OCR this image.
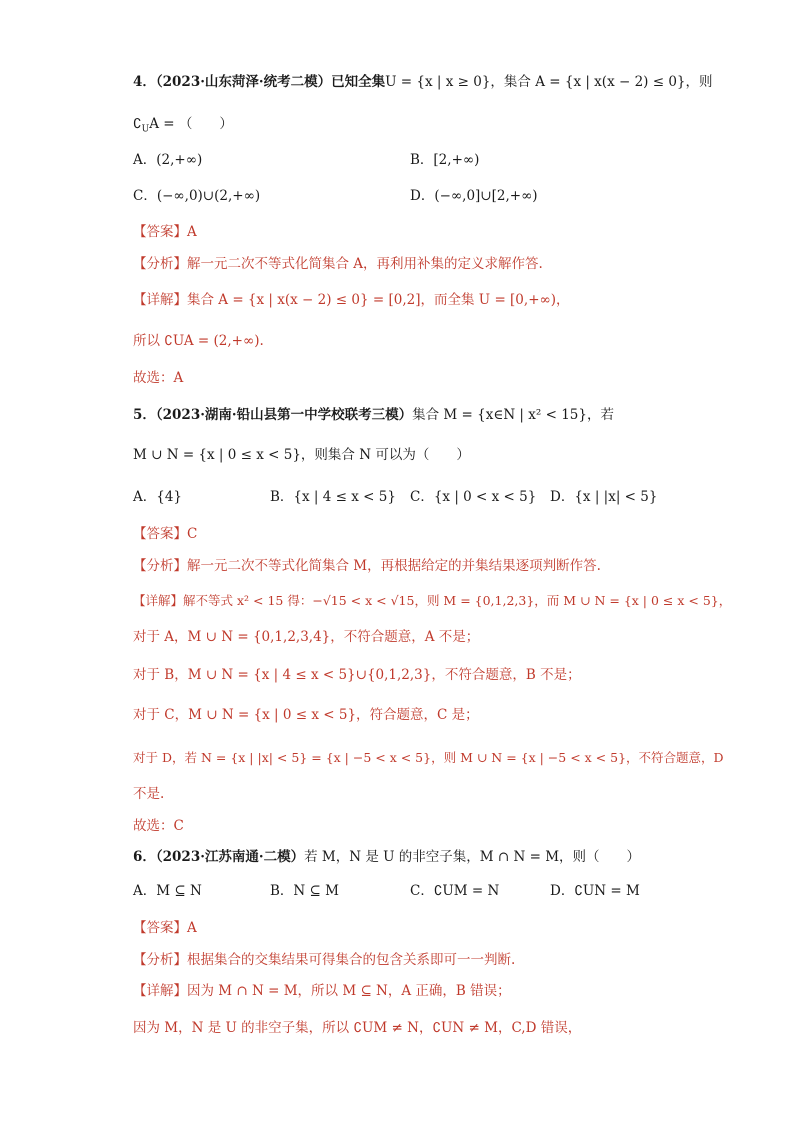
4．（2023·山东菏泽·统考二模）已知全集U = {x | x ≥ 0}，集合 A = {x | x(x − 2) ≤ 0}，则
$∁_UA$ = （　　）
A．(2,+∞)	B．[2,+∞)
C．(−∞,0)∪(2,+∞)	D．(−∞,0]∪[2,+∞)
【答案】A
【分析】解一元二次不等式化简集合 A，再利用补集的定义求解作答.
【详解】集合 A = {x | x(x − 2) ≤ 0} = [0,2]，而全集 U = [0,+∞)，
所以 ∁UA = (2,+∞).
故选：A
5．（2023·湖南·铅山县第一中学校联考三模）集合 M = {x∈N | x² < 15}，若
M ∪ N = {x | 0 ≤ x < 5}，则集合 N 可以为（　　）
A．{4}	B．{x | 4 ≤ x < 5} C．{x | 0 < x < 5} D．{x | |x| < 5}
【答案】C
【分析】解一元二次不等式化简集合 M，再根据给定的并集结果逐项判断作答.
【详解】解不等式 x² < 15 得：−√15 < x < √15，则 M = {0,1,2,3}，而 M ∪ N = {x | 0 ≤ x < 5}，
对于 A，M ∪ N = {0,1,2,3,4}，不符合题意，A 不是；
对于 B，M ∪ N = {x | 4 ≤ x < 5}∪{0,1,2,3}，不符合题意，B 不是；
对于 C，M ∪ N = {x | 0 ≤ x < 5}，符合题意，C 是；
对于 D，若 N = {x | |x| < 5} = {x | −5 < x < 5}，则 M ∪ N = {x | −5 < x < 5}，不符合题意，D
不是.
故选：C
6．（2023·江苏南通·二模）若 M，N 是 U 的非空子集，M ∩ N = M，则（　　）
A．M ⊆ N	B．N ⊆ M	C．∁UM = N	D．∁UN = M
【答案】A
【分析】根据集合的交集结果可得集合的包含关系即可一一判断.
【详解】因为 M ∩ N = M，所以 M ⊆ N，A 正确，B 错误；
因为 M，N 是 U 的非空子集，所以 ∁UM ≠ N，∁UN ≠ M，C,D 错误，
